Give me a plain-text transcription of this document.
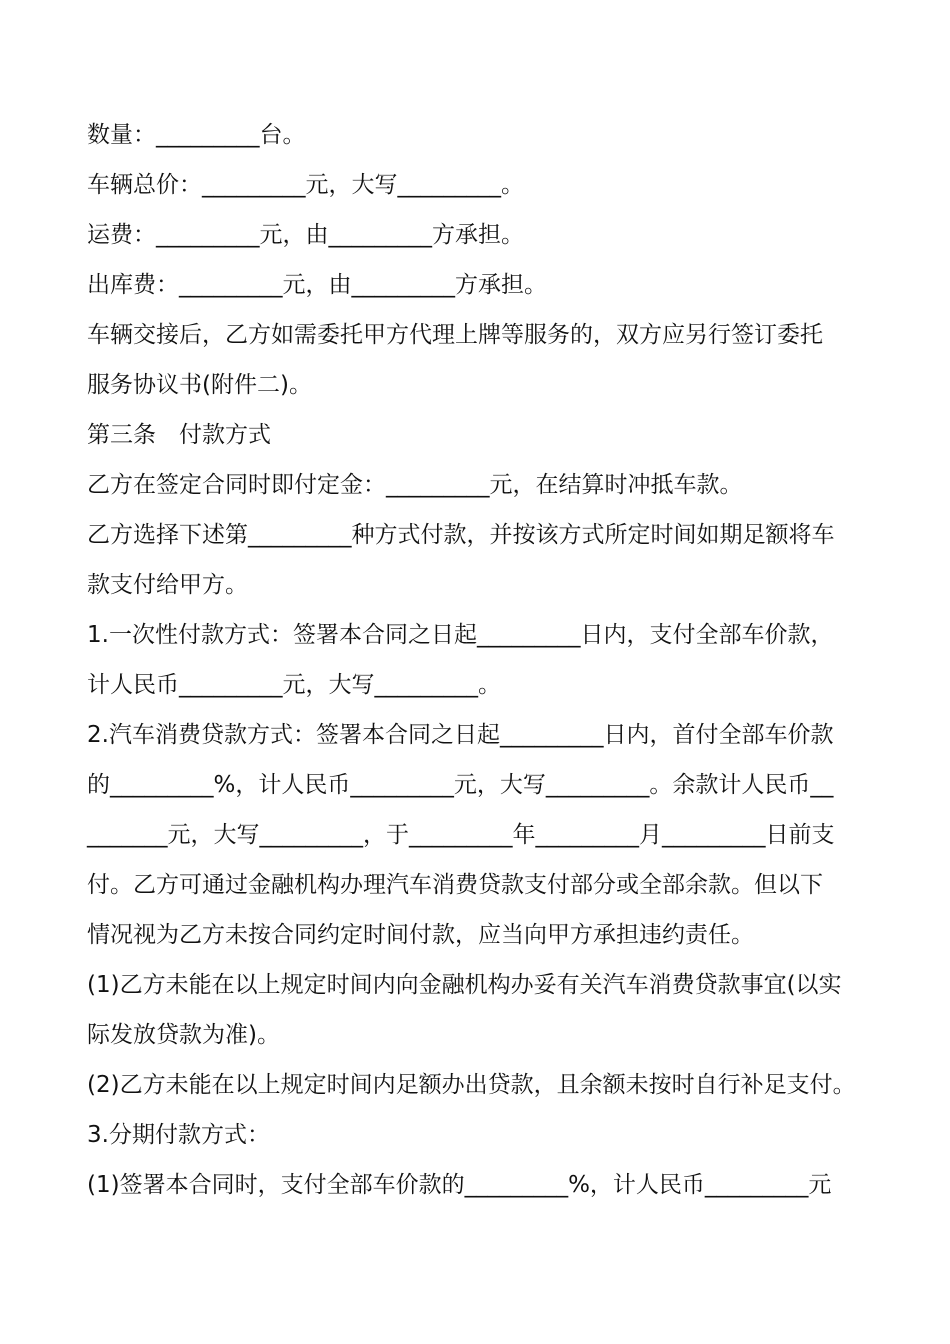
数量：_________台。
车辆总价：_________元，大写_________。
运费：_________元，由_________方承担。
出库费：_________元，由_________方承担。
车辆交接后，乙方如需委托甲方代理上牌等服务的，双方应另行签订委托
服务协议书(附件二)。
第三条　付款方式
乙方在签定合同时即付定金：_________元，在结算时冲抵车款。
乙方选择下述第_________种方式付款，并按该方式所定时间如期足额将车
款支付给甲方。
1.一次性付款方式：签署本合同之日起_________日内，支付全部车价款，
计人民币_________元，大写_________。
2.汽车消费贷款方式：签署本合同之日起_________日内，首付全部车价款
的_________%，计人民币_________元，大写_________。余款计人民币__
_______元，大写_________，于_________年_________月_________日前支
付。乙方可通过金融机构办理汽车消费贷款支付部分或全部余款。但以下
情况视为乙方未按合同约定时间付款，应当向甲方承担违约责任。
(1)乙方未能在以上规定时间内向金融机构办妥有关汽车消费贷款事宜(以实
际发放贷款为准)。
(2)乙方未能在以上规定时间内足额办出贷款，且余额未按时自行补足支付。
3.分期付款方式：
(1)签署本合同时，支付全部车价款的_________%，计人民币_________元
